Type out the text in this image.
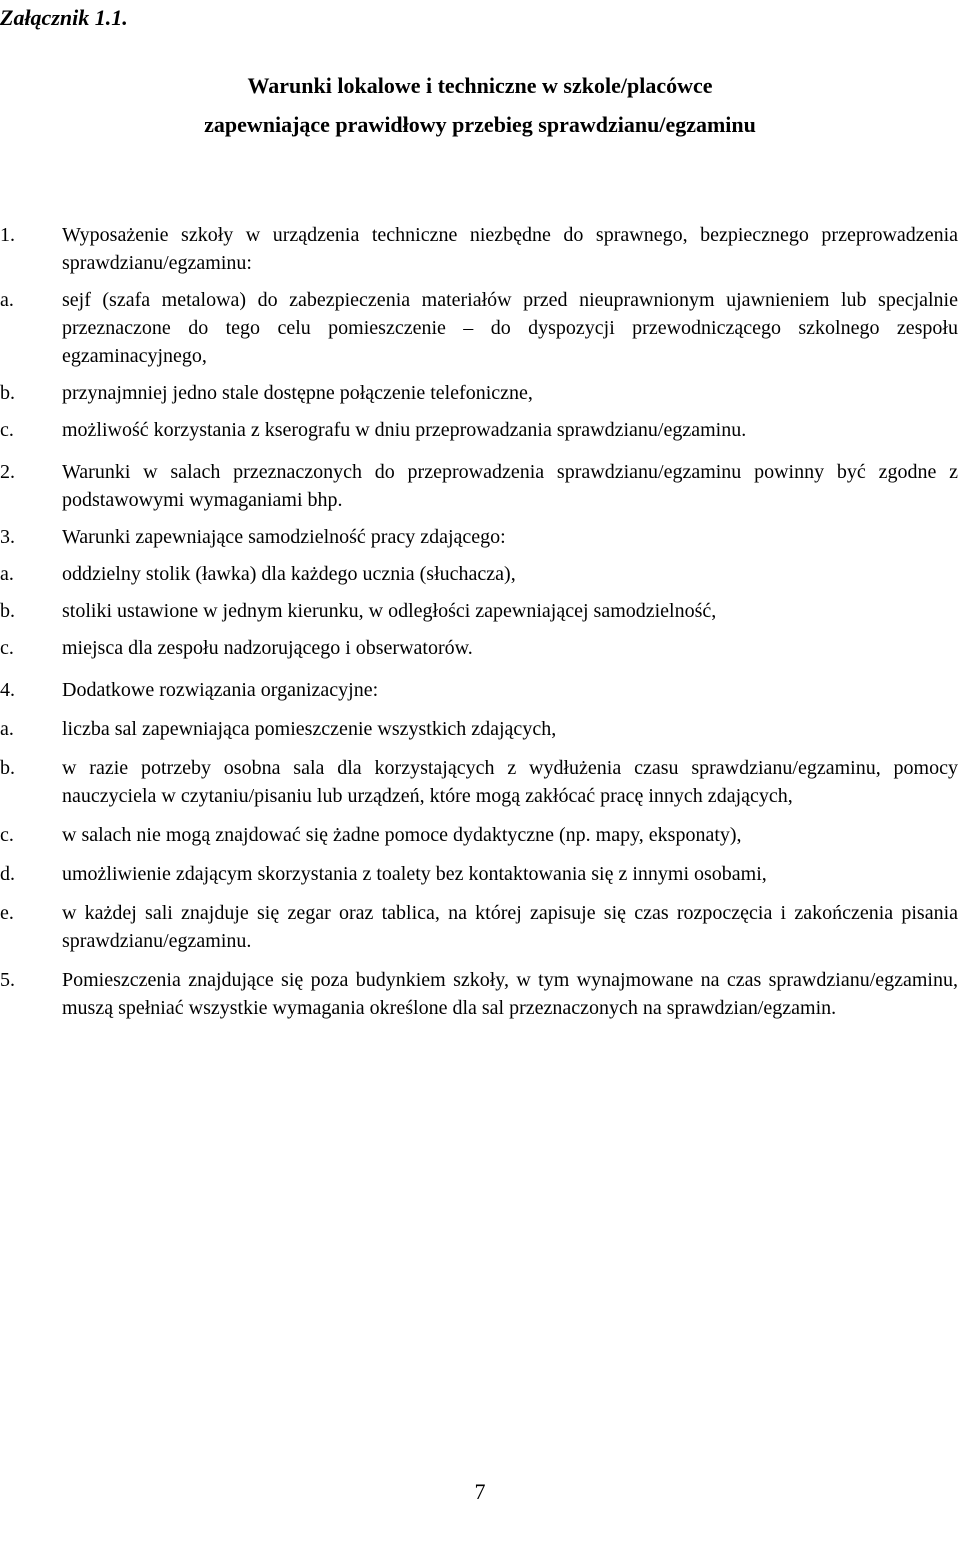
Załącznik 1.1.
Warunki lokalowe i techniczne w szkole/placówce
zapewniające prawidłowy przebieg sprawdzianu/egzaminu
1. Wyposażenie szkoły w urządzenia techniczne niezbędne do sprawnego, bezpiecznego przeprowadzenia sprawdzianu/egzaminu:
a. sejf (szafa metalowa) do zabezpieczenia materiałów przed nieuprawnionym ujawnieniem lub specjalnie przeznaczone do tego celu pomieszczenie – do dyspozycji przewodniczącego szkolnego zespołu egzaminacyjnego,
b. przynajmniej jedno stale dostępne połączenie telefoniczne,
c. możliwość korzystania z kserografu w dniu przeprowadzania sprawdzianu/egzaminu.
2. Warunki w salach przeznaczonych do przeprowadzenia sprawdzianu/egzaminu powinny być zgodne z podstawowymi wymaganiami bhp.
3. Warunki zapewniające samodzielność pracy zdającego:
a. oddzielny stolik (ławka) dla każdego ucznia (słuchacza),
b. stoliki ustawione w jednym kierunku, w odległości zapewniającej samodzielność,
c. miejsca dla zespołu nadzorującego i obserwatorów.
4. Dodatkowe rozwiązania organizacyjne:
a. liczba sal zapewniająca pomieszczenie wszystkich zdających,
b. w razie potrzeby osobna sala dla korzystających z wydłużenia czasu sprawdzianu/egzaminu, pomocy nauczyciela w czytaniu/pisaniu lub urządzeń, które mogą zakłócać pracę innych zdających,
c. w salach nie mogą znajdować się żadne pomoce dydaktyczne (np. mapy, eksponaty),
d. umożliwienie zdającym skorzystania z toalety bez kontaktowania się z innymi osobami,
e. w każdej sali znajduje się zegar oraz tablica, na której zapisuje się czas rozpoczęcia i zakończenia pisania sprawdzianu/egzaminu.
5. Pomieszczenia znajdujące się poza budynkiem szkoły, w tym wynajmowane na czas sprawdzianu/egzaminu, muszą spełniać wszystkie wymagania określone dla sal przeznaczonych na sprawdzian/egzamin.
7
